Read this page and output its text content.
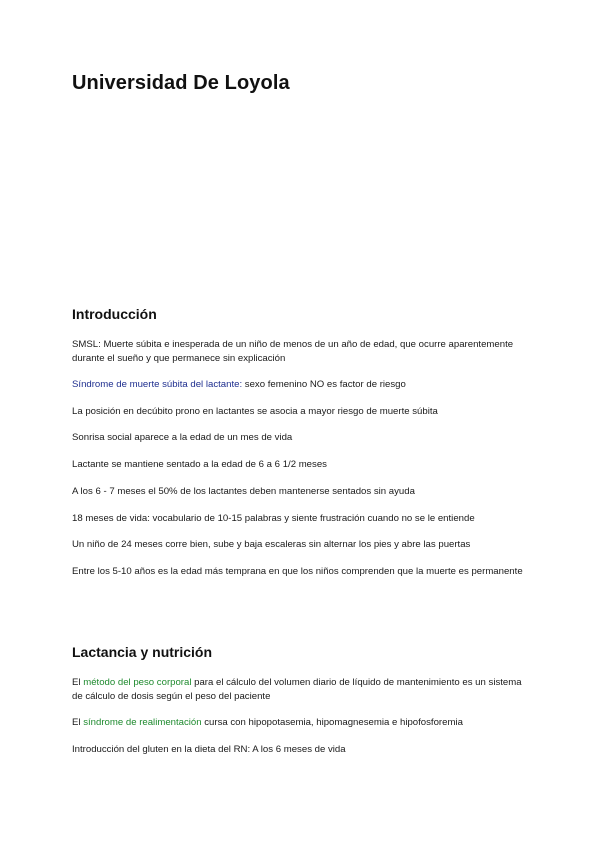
Universidad De Loyola
Introducción

SMSL: Muerte súbita e inesperada de un niño de menos de un año de edad, que ocurre aparentemente durante el sueño y que permanece sin explicación

Síndrome de muerte súbita del lactante: sexo femenino NO es factor de riesgo

La posición en decúbito prono en lactantes se asocia a mayor riesgo de muerte súbita

Sonrisa social aparece a la edad de un mes de vida

Lactante se mantiene sentado a la edad de 6 a 6 1/2 meses

A los 6 - 7 meses el 50% de los lactantes deben mantenerse sentados sin ayuda

18 meses de vida: vocabulario de 10-15 palabras y siente frustración cuando no se le entiende

Un niño de 24 meses corre bien, sube y baja escaleras sin alternar los pies y abre las puertas

Entre los 5-10 años es la edad más temprana en que los niños comprenden que la muerte es permanente

Lactancia y nutrición

El método del peso corporal para el cálculo del volumen diario de líquido de mantenimiento es un sistema de cálculo de dosis según el peso del paciente

El síndrome de realimentación cursa con hipopotasemia, hipomagnesemia e hipofosforemia

Introducción del gluten en la dieta del RN: A los 6 meses de vida
